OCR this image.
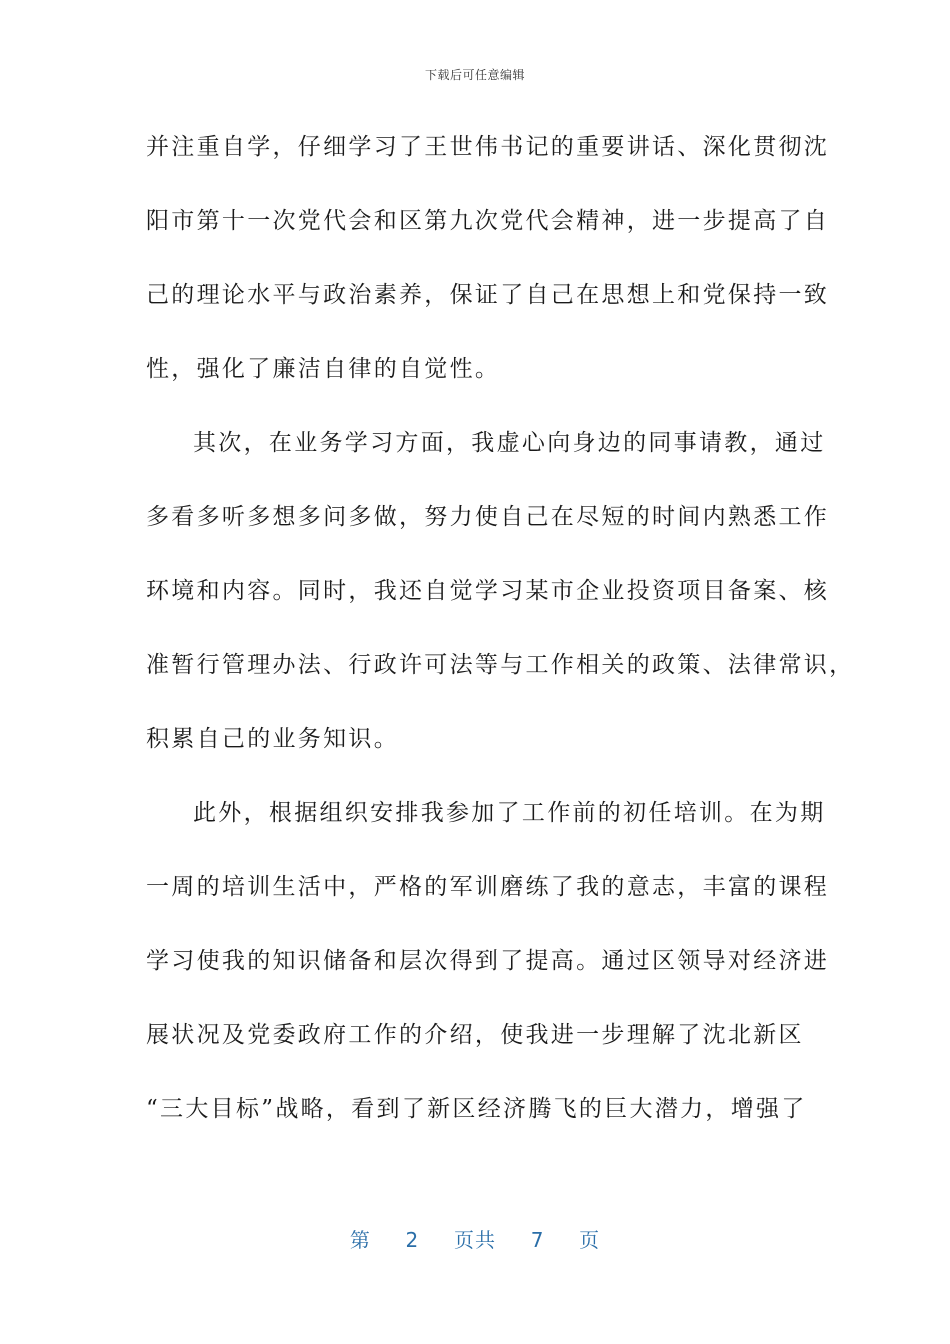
下载后可任意编辑
并注重自学，仔细学习了王世伟书记的重要讲话、深化贯彻沈
阳市第十一次党代会和区第九次党代会精神，进一步提高了自
己的理论水平与政治素养，保证了自己在思想上和党保持一致
性，强化了廉洁自律的自觉性。
其次，在业务学习方面，我虚心向身边的同事请教，通过
多看多听多想多问多做，努力使自己在尽短的时间内熟悉工作
环境和内容。同时，我还自觉学习某市企业投资项目备案、核
准暂行管理办法、行政许可法等与工作相关的政策、法律常识，
积累自己的业务知识。
此外，根据组织安排我参加了工作前的初任培训。在为期
一周的培训生活中，严格的军训磨练了我的意志，丰富的课程
学习使我的知识储备和层次得到了提高。通过区领导对经济进
展状况及党委政府工作的介绍，使我进一步理解了沈北新区
“三大目标”战略，看到了新区经济腾飞的巨大潜力，增强了
第 2 页共 7 页
